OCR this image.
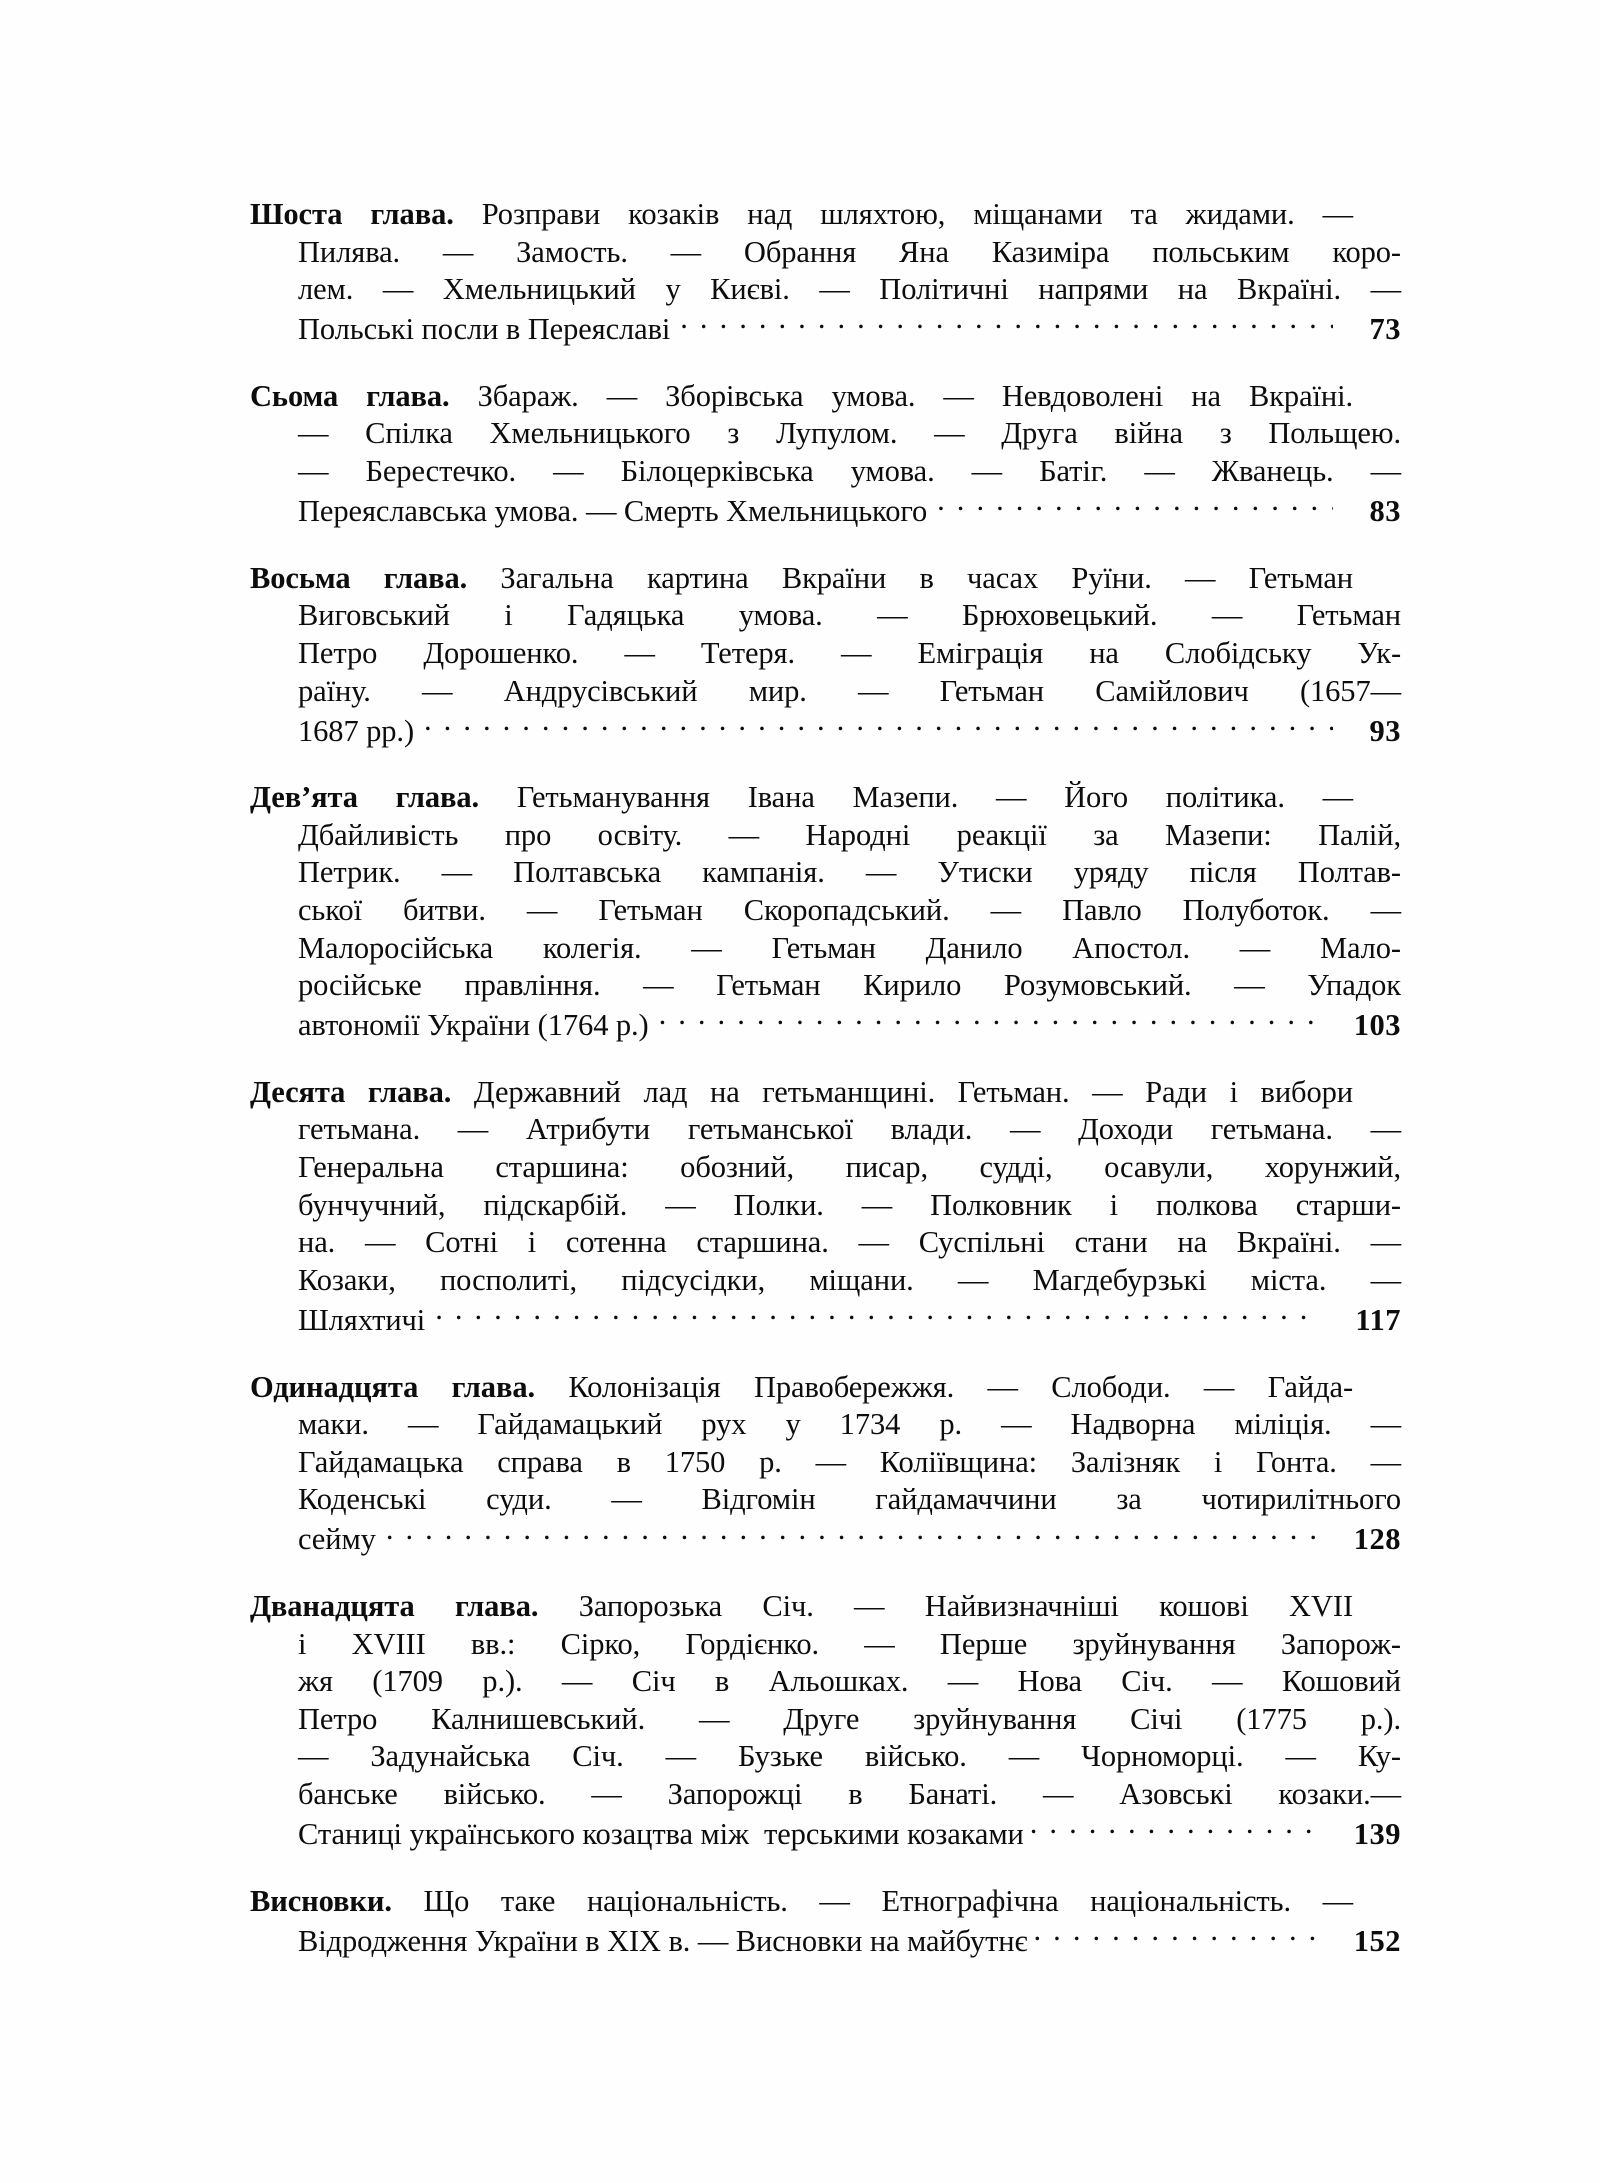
Шоста глава. Розправи козаків над шляхтою, міщанами та жидами. —
Пилява. — Замость. — Обрання Яна Казиміра польським коро-
лем. — Хмельницький у Києві. — Політичні напрями на Вкраїні. —
Польські посли в Переяславі . . .	73
Сьома глава. Збараж. — Зборівська умова. — Невдоволені на Вкраїні.
— Спілка Хмельницького з Лупулом. — Друга війна з Польщею.
— Берестечко. — Білоцерківська умова. — Батіг. — Жванець. —
Переяславська умова. — Смерть Хмельницького . . .	83
Восьма глава. Загальна картина Вкраїни в часах Руїни. — Гетьман
Виговський і Гадяцька умова. — Брюховецький. — Гетьман
Петро Дорошенко. — Тетеря. — Еміграція на Слобідську Ук-
раїну. — Андрусівський мир. — Гетьман Самійлович (1657—
1687 рр.) . . .	93
Дев’ята глава. Гетьманування Івана Мазепи. — Його політика. —
Дбайливість про освіту. — Народні реакції за Мазепи: Палій,
Петрик. — Полтавська кампанія. — Утиски уряду після Полтав-
ської битви. — Гетьман Скоропадський. — Павло Полуботок. —
Малоросійська колегія. — Гетьман Данило Апостол. — Мало-
російське правління. — Гетьман Кирило Розумовський. — Упадок
автономії України (1764 р.) . . .	103
Десята глава. Державний лад на гетьманщині. Гетьман. — Ради і вибори
гетьмана. — Атрибути гетьманської влади. — Доходи гетьмана. —
Генеральна старшина: обозний, писар, судді, осавули, хорунжий,
бунчучний, підскарбій. — Полки. — Полковник і полкова старши-
на. — Сотні і сотенна старшина. — Суспільні стани на Вкраїні. —
Козаки, посполиті, підсусідки, міщани. — Магдебурзькі міста. —
Шляхтичі . . .	117
Одинадцята глава. Колонізація Правобережжя. — Слободи. — Гайда-
маки. — Гайдамацький рух у 1734 р. — Надворна міліція. —
Гайдамацька справа в 1750 р. — Коліївщина: Залізняк і Гонта. —
Коденські суди. — Відгомін гайдамаччини за чотирилітнього
сейму . . .	128
Дванадцята глава. Запорозька Січ. — Найвизначніші кошові XVII
і XVIII вв.: Сірко, Гордієнко. — Перше зруйнування Запорож-
жя (1709 р.). — Січ в Альошках. — Нова Січ. — Кошовий
Петро Калнишевський. — Друге зруйнування Січі (1775 р.).
— Задунайська Січ. — Бузьке військо. — Чорноморці. — Ку-
банське військо. — Запорожці в Банаті. — Азовські козаки.—
Станиці українського козацтва між  терськими козаками . . .	139
Висновки. Що таке національність. — Етнографічна національність. —
Відродження України в XIX в. — Висновки на майбутнє . . .	152
